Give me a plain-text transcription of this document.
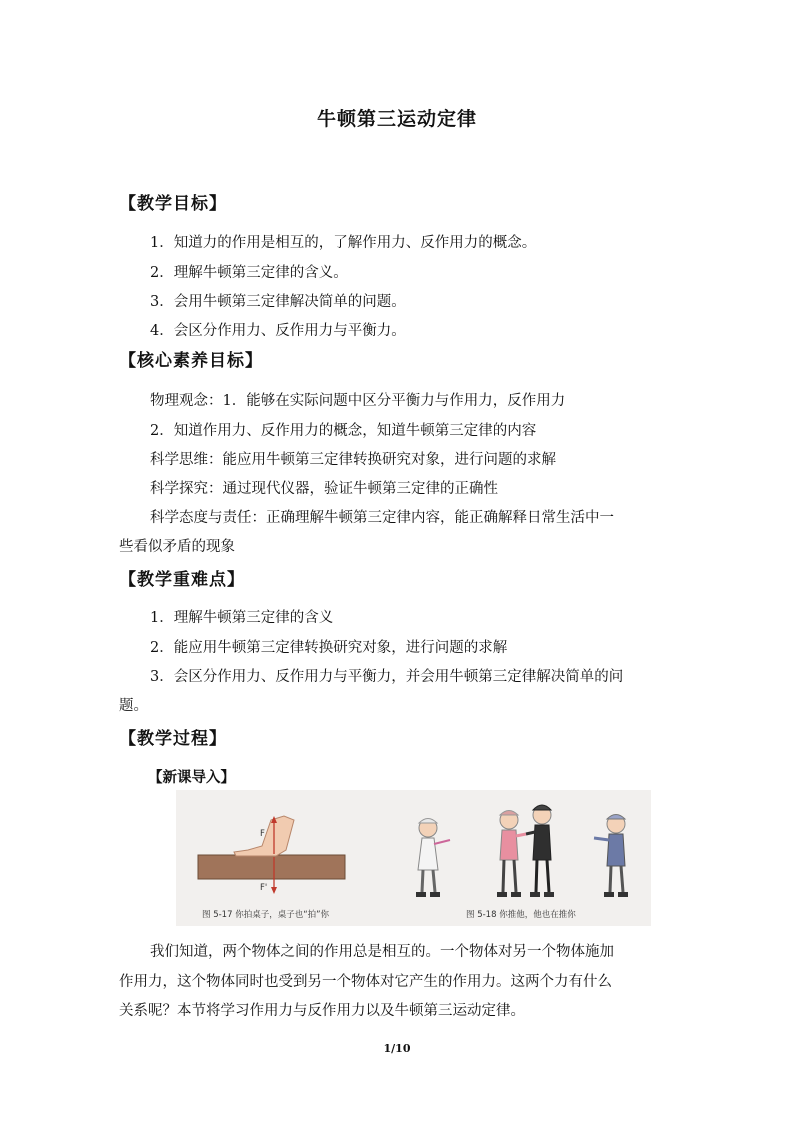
牛顿第三运动定律
【教学目标】
1．知道力的作用是相互的，了解作用力、反作用力的概念。
2．理解牛顿第三定律的含义。
3．会用牛顿第三定律解决简单的问题。
4．会区分作用力、反作用力与平衡力。
【核心素养目标】
物理观念：1．能够在实际问题中区分平衡力与作用力，反作用力
2．知道作用力、反作用力的概念，知道牛顿第三定律的内容
科学思维：能应用牛顿第三定律转换研究对象，进行问题的求解
科学探究：通过现代仪器，验证牛顿第三定律的正确性
科学态度与责任：正确理解牛顿第三定律内容，能正确解释日常生活中一
些看似矛盾的现象
【教学重难点】
1．理解牛顿第三定律的含义
2．能应用牛顿第三定律转换研究对象，进行问题的求解
3．会区分作用力、反作用力与平衡力，并会用牛顿第三定律解决简单的问
题。
【教学过程】
【新课导入】
F
F'
图 5-17 你拍桌子，桌子也“拍”你	图 5-18 你推他，他也在推你
我们知道，两个物体之间的作用总是相互的。一个物体对另一个物体施加
作用力，这个物体同时也受到另一个物体对它产生的作用力。这两个力有什么
关系呢？本节将学习作用力与反作用力以及牛顿第三运动定律。
1/10
